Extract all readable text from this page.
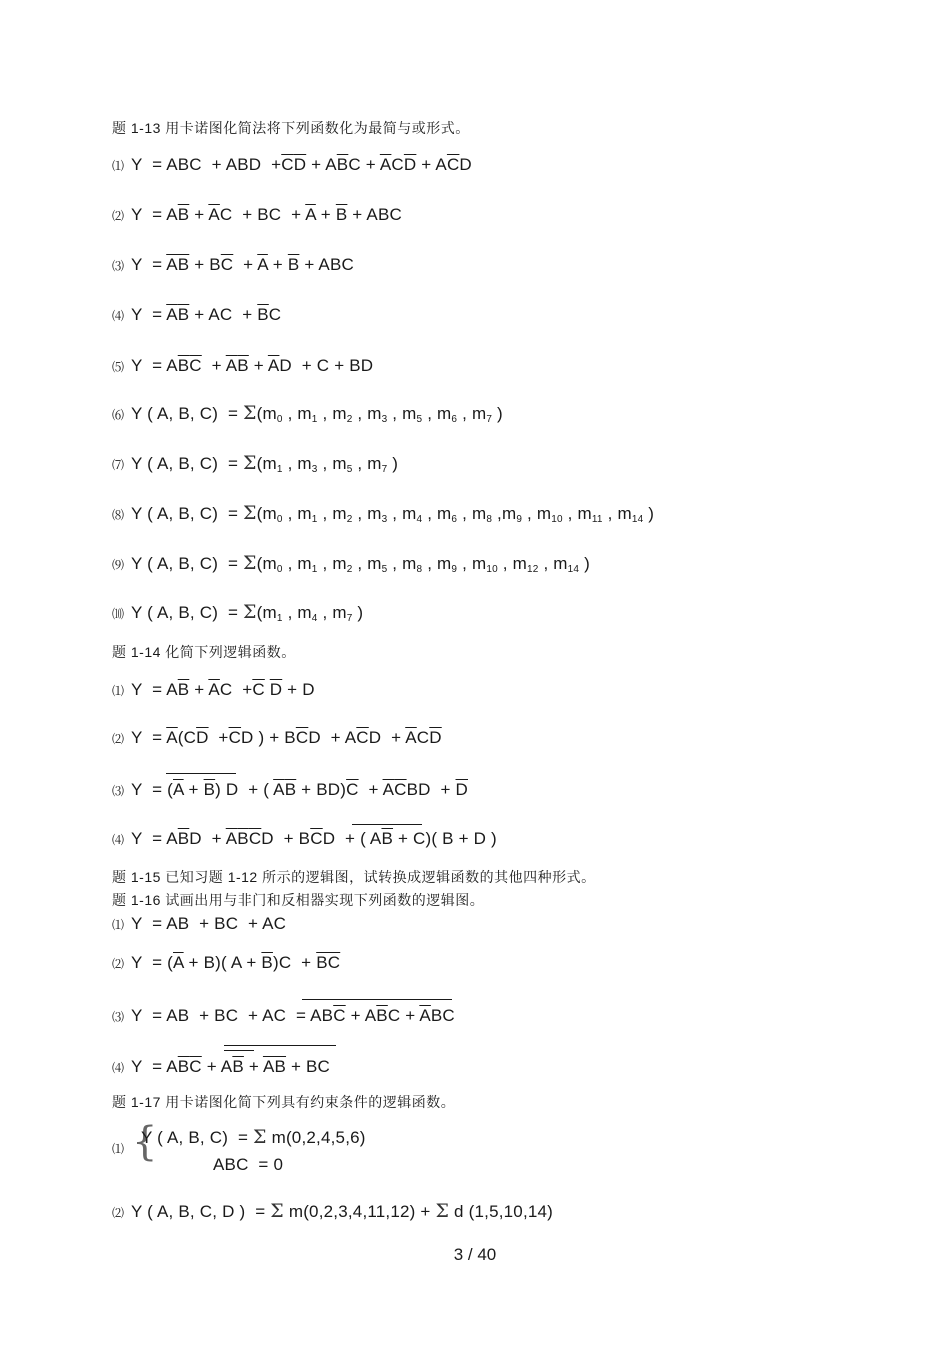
题 1-13 用卡诺图化简法将下列函数化为最简与或形式。
⑴ Y  = ABC  + ABD  $+\overline{C}\overline{D} + A\overline{B}C + \overline{A}C\overline{D} + A\overline{C}D$
⑵ $Y = A\overline{B} + \overline{A}C$  + BC  + $\overline{A} + \overline{B}$ + ABC
⑶ $Y = \overline{AB} + B\overline{C} + \overline{A} + \overline{B}$ + ABC
⑷ $Y = \overline{A}\overline{B}$ + AC  + $\overline{B}C$
⑸ $Y = A\overline{B}\overline{C} + \overline{A}\overline{B} + \overline{A}D + C$ + BD
⑹ Y ( A, B, $C) = \Sigma(m_0$ , $m_1$ , $m_2$ , $m_3$ , $m_5$ , $m_6$ , $m_7$ )
⑺ Y ( A, B, $C) = \Sigma(m_1$ , $m_3$ , $m_5$ , $m_7$ )
⑻ Y ( A, B, $C) = \Sigma(m_0$ , $m_1$ , $m_2$ , $m_3$ , $m_4$ , $m_6$ , $m_8$ $,m_9$ , $m_{10}$ , $m_{11}$ , $m_{14}$ )
⑼ Y ( A, B, $C) = \Sigma(m_0$ , $m_1$ , $m_2$ , $m_5$ , $m_8$ , $m_9$ , $m_{10}$ , $m_{12}$ , $m_{14}$ )
⑽ Y ( A, B, $C) = \Sigma(m_1$ , $m_4$ , $m_7$ )
题 1-14 化简下列逻辑函数。
⑴ $Y = A\overline{B} + \overline{A}C +\overline{C}$ $\overline{D} + D$
⑵ $Y = \overline{A}(C\overline{D} +\overline{C}D$ ) + $B\overline{C}D + A\overline{C}D + \overline{A}C\overline{D}$
⑶ $Y = (\overline{A} + \overline{B}) D$  + ( $\overline{A}\overline{B} + BD)\overline{C} + \overline{A}\overline{C}BD + \overline{D}$
⑷ $Y = A\overline{B}D + \overline{A}\overline{B}\overline{C}D + B\overline{C}D$  + ( $A\overline{B} + C$)( B + D )
题 1-15 已知习题 1-12 所示的逻辑图，试转换成逻辑函数的其他四种形式。
题 1-16 试画出用与非门和反相器实现下列函数的逻辑图。
⑴ Y  = AB  + BC  + AC
⑵ $Y = (\overline{A} + B)$( $A + \overline{B})C + \overline{BC}$
⑶ Y  = AB  + BC  + AC  = $AB\overline{C} + A\overline{B}C + \overline{A}BC$
⑷ $Y = A\overline{B}\overline{C} + A\overline{B} + \overline{A}\overline{B}$ + BC
题 1-17 用卡诺图化简下列具有约束条件的逻辑函数。
⑴ {
Y ( A, B, C)  = Σ m(0,2,4,5,6)
ABC  = 0
⑵ Y ( A, B, C, D )  = Σ m(0,2,3,4,11,12) + Σ d (1,5,10,14)
3 / 40
